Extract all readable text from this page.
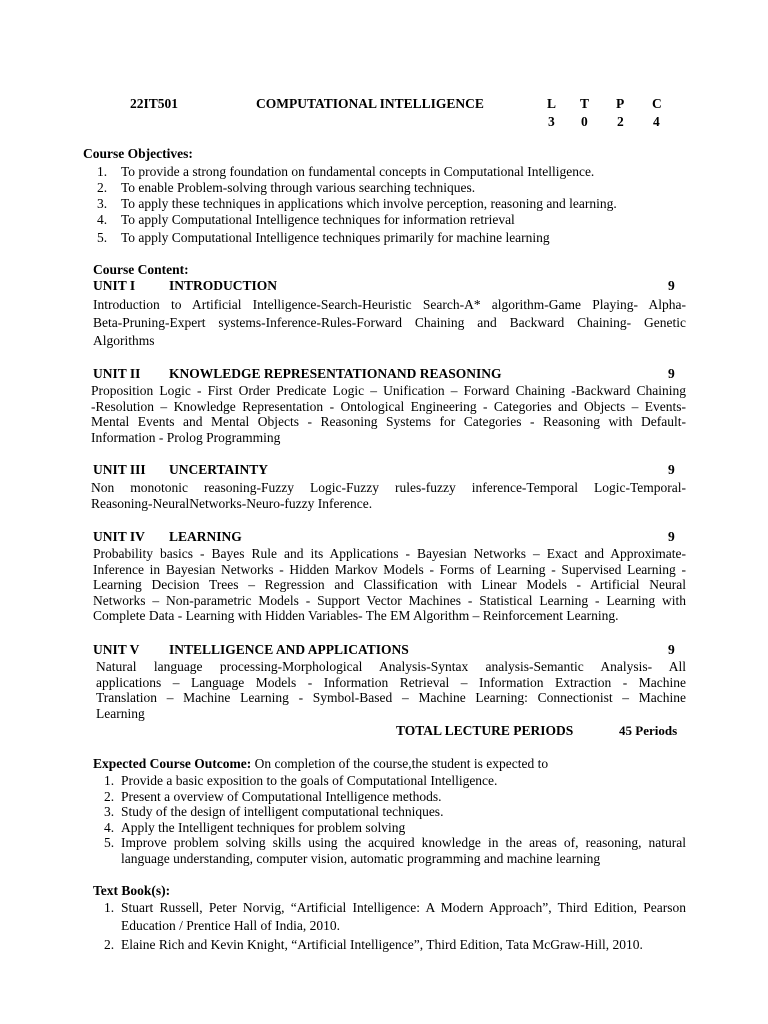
22IT501	COMPUTATIONAL INTELLIGENCE	L T P C
3 0 2 4
Course Objectives:
1. To provide a strong foundation on fundamental concepts in Computational Intelligence.
2. To enable Problem-solving through various searching techniques.
3. To apply these techniques in applications which involve perception, reasoning and learning.
4. To apply Computational Intelligence techniques for information retrieval
5. To apply Computational Intelligence techniques primarily for machine learning
Course Content:
UNIT I	INTRODUCTION	9
Introduction to Artificial Intelligence-Search-Heuristic Search-A* algorithm-Game Playing- Alpha-
Beta-Pruning-Expert systems-Inference-Rules-Forward Chaining and Backward Chaining- Genetic
Algorithms
UNIT II KNOWLEDGE REPRESENTATIONAND REASONING	9
Proposition Logic - First Order Predicate Logic – Unification – Forward Chaining -Backward Chaining
-Resolution – Knowledge Representation - Ontological Engineering - Categories and Objects – Events-
Mental Events and Mental Objects - Reasoning Systems for Categories - Reasoning with Default-
Information - Prolog Programming
UNIT III UNCERTAINTY	9
Non monotonic reasoning-Fuzzy Logic-Fuzzy rules-fuzzy inference-Temporal Logic-Temporal-
Reasoning-NeuralNetworks-Neuro-fuzzy Inference.
UNIT IV LEARNING	9
Probability basics - Bayes Rule and its Applications - Bayesian Networks – Exact and Approximate-
Inference in Bayesian Networks - Hidden Markov Models - Forms of Learning - Supervised Learning -
Learning Decision Trees – Regression and Classification with Linear Models - Artificial Neural
Networks – Non-parametric Models - Support Vector Machines - Statistical Learning - Learning with
Complete Data - Learning with Hidden Variables- The EM Algorithm – Reinforcement Learning.
UNIT V INTELLIGENCE AND APPLICATIONS	9
Natural language processing-Morphological Analysis-Syntax analysis-Semantic Analysis- All
applications – Language Models - Information Retrieval – Information Extraction - Machine
Translation – Machine Learning - Symbol-Based – Machine Learning: Connectionist – Machine
Learning
TOTAL LECTURE PERIODS	45 Periods
Expected Course Outcome: On completion of the course,the student is expected to
1. Provide a basic exposition to the goals of Computational Intelligence.
2. Present a overview of Computational Intelligence methods.
3. Study of the design of intelligent computational techniques.
4. Apply the Intelligent techniques for problem solving
5. Improve problem solving skills using the acquired knowledge in the areas of, reasoning, natural
language understanding, computer vision, automatic programming and machine learning
Text Book(s):
1. Stuart Russell, Peter Norvig, “Artificial Intelligence: A Modern Approach”, Third Edition, Pearson
Education / Prentice Hall of India, 2010.
2. Elaine Rich and Kevin Knight, “Artificial Intelligence”, Third Edition, Tata McGraw-Hill, 2010.
